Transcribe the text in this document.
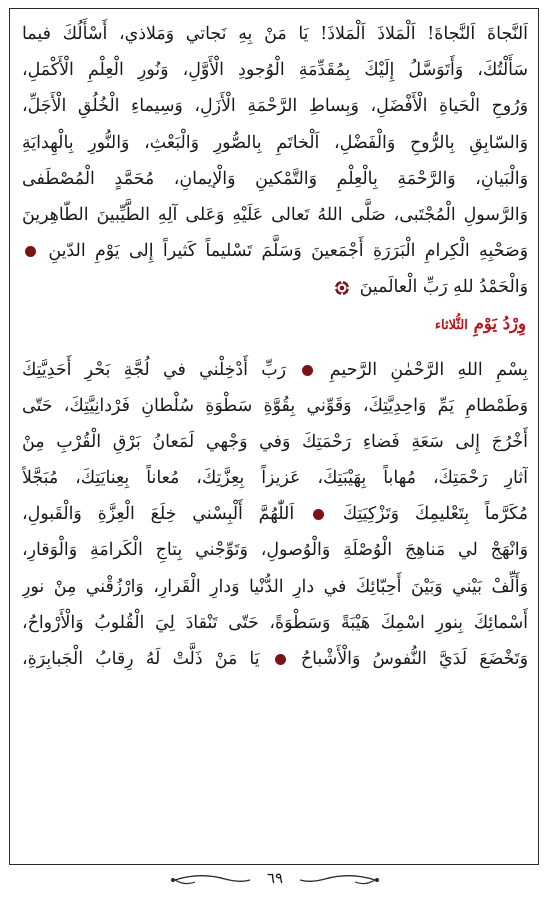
اَلنَّجاةَ اَلنَّجاةَ! اَلْمَلاذَ اَلْمَلاذَ! يَا مَنْ بِهِ نَجاتي وَمَلاذي، أَسْأَلُكَ فيما
سَأَلْتُكَ، وَأَتَوَسَّلُ إِلَيْكَ بِمُقَدِّمَةِ الْوُجودِ الْأَوَّلِ، وَنُورِ الْعِلْمِ الْأَكْمَلِ،
وَرُوحِ الْحَياةِ الْأَفْضَلِ، وَبِساطِ الرَّحْمَةِ الْأَزَلِ، وَسِيماءِ الْخُلُقِ الْأَجَلِّ،
وَالسّابِقِ بِالرُّوحِ وَالْفَضْلِ، اَلْخاتَمِ بِالصُّورِ وَالْبَعْثِ، وَالنُّورِ بِالْهِدايَةِ
وَالْبَيانِ، وَالرَّحْمَةِ بِالْعِلْمِ وَالتَّمْكينِ وَالْإيمانِ، مُحَمَّدٍ الْمُصْطَفى
وَالرَّسولِ الْمُجْتَبى، صَلَّى اللهُ تَعالى عَلَيْهِ وَعَلى آلِهِ الطَّيِّبينَ الطّاهِرينَ
وَصَحْبِهِ الْكِرامِ الْبَرَرَةِ أَجْمَعينَ وَسَلَّمَ تَسْليماً كَثيراً إِلى يَوْمِ الدّينِ
وَالْحَمْدُ للهِ رَبِّ الْعالَمينَ
وِرْدُ يَوْمِ الثُّلاثاء
بِسْمِ اللهِ الرَّحْمٰنِ الرَّحيمِ  رَبِّ أَدْخِلْني في لُجَّةِ بَحْرِ أَحَدِيَّتِكَ
وَطَمْطامِ يَمِّ وَاحِدِيَّتِكَ، وَقَوِّني بِقُوَّةِ سَطْوَةِ سُلْطانِ فَرْدانِيَّتِكَ، حَتّى
أَخْرُجَ إِلى سَعَةِ فَضاءِ رَحْمَتِكَ وَفي وَجْهي لَمَعانُ بَرْقِ الْقُرْبِ مِنْ
آثارِ رَحْمَتِكَ، مُهاباً بِهَيْبَتِكَ، عَزيزاً بِعِزَّتِكَ، مُعاناً بِعِنايَتِكَ، مُبَجَّلاً
مُكَرَّماً بِتَعْليمِكَ وَتَزْكِيَتِكَ  اَللّٰهُمَّ أَلْبِسْني خِلَعَ الْعِزَّةِ وَالْقَبولِ،
وَانْهَجْ لي مَناهِجَ الْوُصْلَةِ وَالْوُصولِ، وَتَوِّجْني بِتاجِ الْكَرامَةِ وَالْوَقارِ،
وَأَلِّفْ بَيْني وَبَيْنَ أَحِبّائِكَ في دارِ الدُّنْيا وَدارِ الْقَرارِ، وَارْزُقْني مِنْ نورِ
أَسْمائِكَ بِنورِ اسْمِكَ هَيْبَةً وَسَطْوَةً، حَتّى تَنْقادَ لِيَ الْقُلوبُ وَالْأَرْواحُ،
وَتَخْضَعَ لَدَيَّ النُّفوسُ وَالْأَشْباحُ  يَا مَنْ ذَلَّتْ لَهُ رِقابُ الْجَبابِرَةِ،
٦٩
